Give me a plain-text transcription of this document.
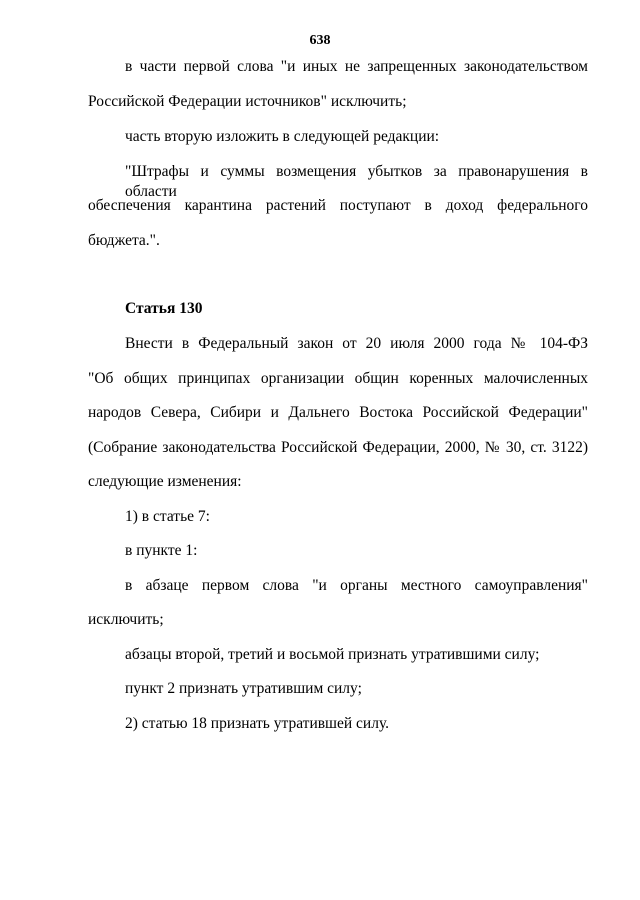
638
в части первой слова "и иных не запрещенных законодательством
Российской Федерации источников" исключить;
часть вторую изложить в следующей редакции:
"Штрафы и суммы возмещения убытков за правонарушения в области
обеспечения карантина растений поступают в доход федерального
бюджета.".
Статья 130
Внести в Федеральный закон от 20 июля 2000 года № 104-ФЗ
"Об общих принципах организации общин коренных малочисленных
народов Севера, Сибири и Дальнего Востока Российской Федерации"
(Собрание законодательства Российской Федерации, 2000, № 30, ст. 3122)
следующие изменения:
1) в статье 7:
в пункте 1:
в абзаце первом слова "и органы местного самоуправления"
исключить;
абзацы второй, третий и восьмой признать утратившими силу;
пункт 2 признать утратившим силу;
2) статью 18 признать утратившей силу.
